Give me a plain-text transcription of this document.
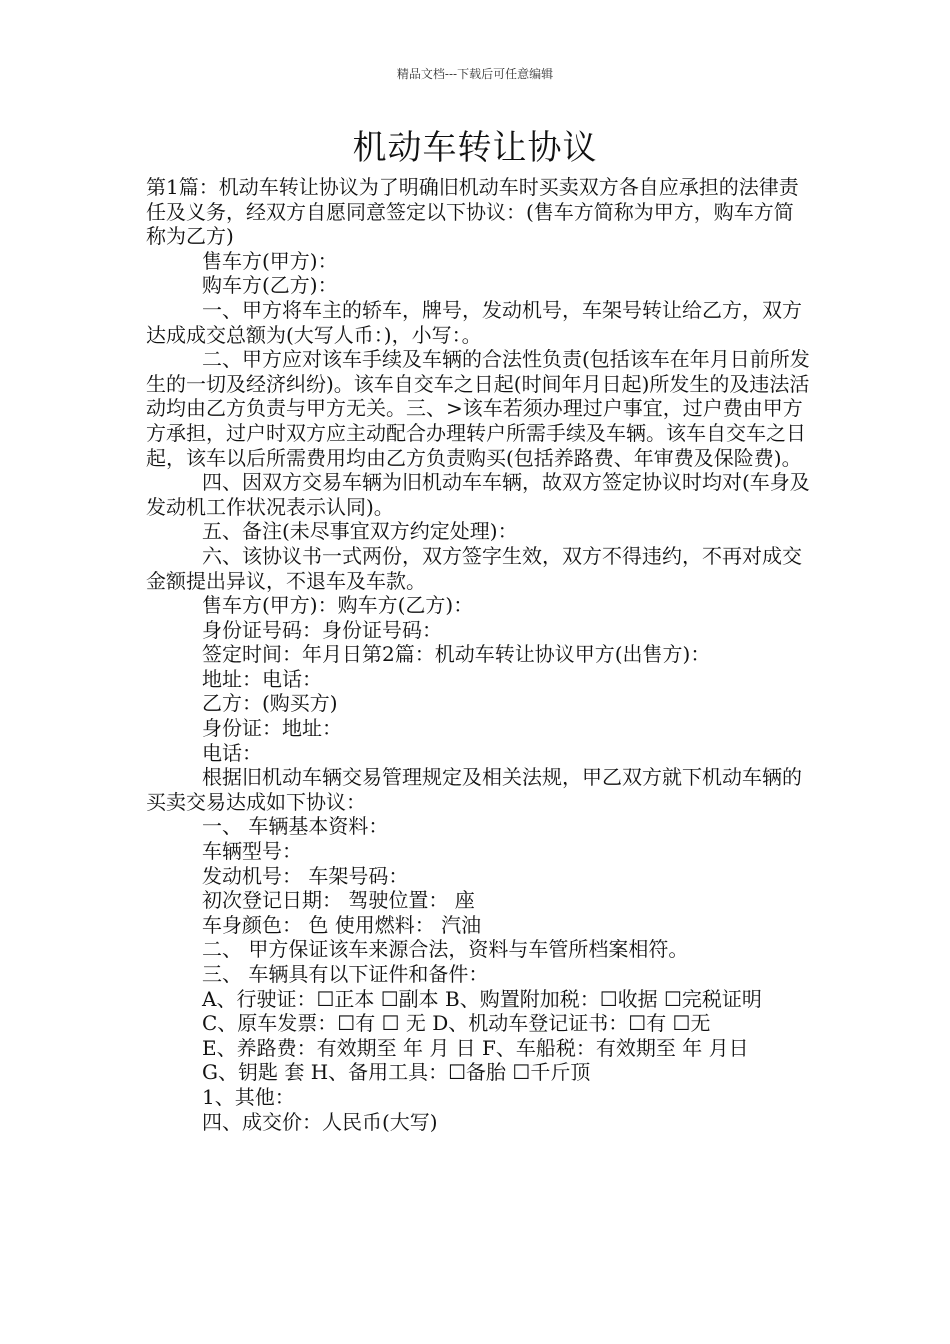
精品文档---下载后可任意编辑
机动车转让协议

第1篇：机动车转让协议为了明确旧机动车时买卖双方各自应承担的法律责任及义务，经双方自愿同意签定以下协议：(售车方简称为甲方，购车方简称为乙方)

售车方(甲方)：

购车方(乙方)：

一、甲方将车主的轿车，牌号，发动机号，车架号转让给乙方，双方达成成交总额为(大写人币：)，小写：。

二、甲方应对该车手续及车辆的合法性负责(包括该车在年月日前所发生的一切及经济纠纷)。该车自交车之日起(时间年月日起)所发生的及违法活动均由乙方负责与甲方无关。三、>该车若须办理过户事宜，过户费由甲方方承担，过户时双方应主动配合办理转户所需手续及车辆。该车自交车之日起，该车以后所需费用均由乙方负责购买(包括养路费、年审费及保险费)。

四、因双方交易车辆为旧机动车车辆，故双方签定协议时均对(车身及发动机工作状况表示认同)。

五、备注(未尽事宜双方约定处理)：

六、该协议书一式两份，双方签字生效，双方不得违约，不再对成交金额提出异议，不退车及车款。

售车方(甲方)：购车方(乙方)：

身份证号码：身份证号码：

签定时间：年月日第2篇：机动车转让协议甲方(出售方)：

地址：电话：

乙方：(购买方)

身份证：地址：

电话：

根据旧机动车辆交易管理规定及相关法规，甲乙双方就下机动车辆的买卖交易达成如下协议：

一、 车辆基本资料：

车辆型号：

发动机号： 车架号码：

初次登记日期： 驾驶位置： 座

车身颜色： 色 使用燃料： 汽油

二、 甲方保证该车来源合法，资料与车管所档案相符。

三、 车辆具有以下证件和备件：

A、行驶证：☐正本 ☐副本 B、购置附加税：☐收据 ☐完税证明

C、原车发票：☐有 ☐ 无 D、机动车登记证书：☐有 ☐无

E、养路费：有效期至 年 月 日 F、车船税：有效期至 年 月日

G、钥匙 套 H、备用工具：☐备胎 ☐千斤顶

1、其他：

四、成交价：人民币(大写)
